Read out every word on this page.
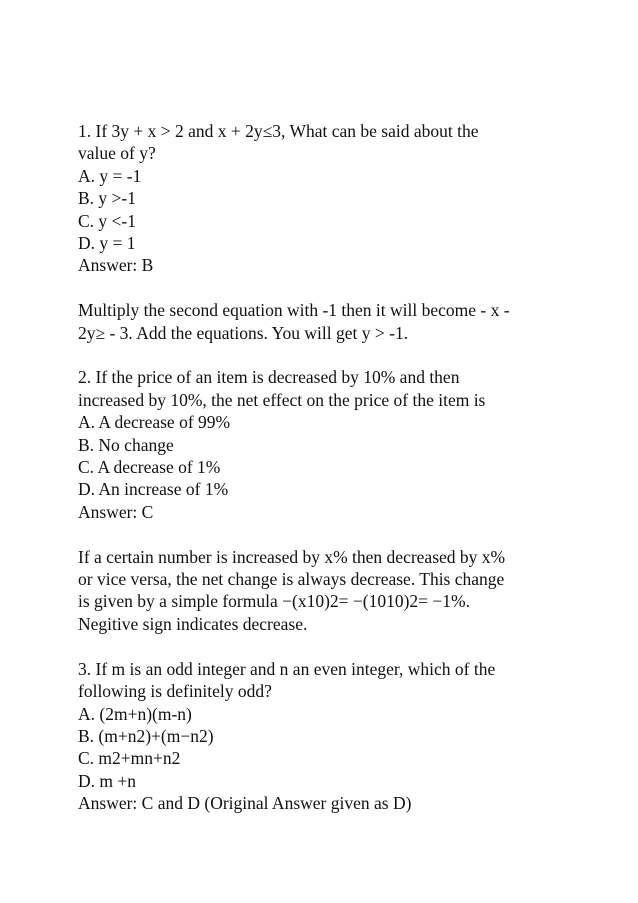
1. If 3y + x > 2 and x + 2y≤3, What can be said about the

value of y?

A. y = -1

B. y >-1

C. y <-1

D. y = 1

Answer: B

Multiply the second equation with -1 then it will become - x -

2y≥ - 3. Add the equations. You will get y > -1.

2. If the price of an item is decreased by 10% and then

increased by 10%, the net effect on the price of the item is

A. A decrease of 99%

B. No change

C. A decrease of 1%

D. An increase of 1%

Answer: C

If a certain number is increased by x% then decreased by x%

or vice versa, the net change is always decrease. This change

is given by a simple formula −(x10)2= −(1010)2= −1%.

Negitive sign indicates decrease.

3. If m is an odd integer and n an even integer, which of the

following is definitely odd?

A. (2m+n)(m-n)

B. (m+n2)+(m−n2)

C. m2+mn+n2

D. m +n

Answer: C and D (Original Answer given as D)
